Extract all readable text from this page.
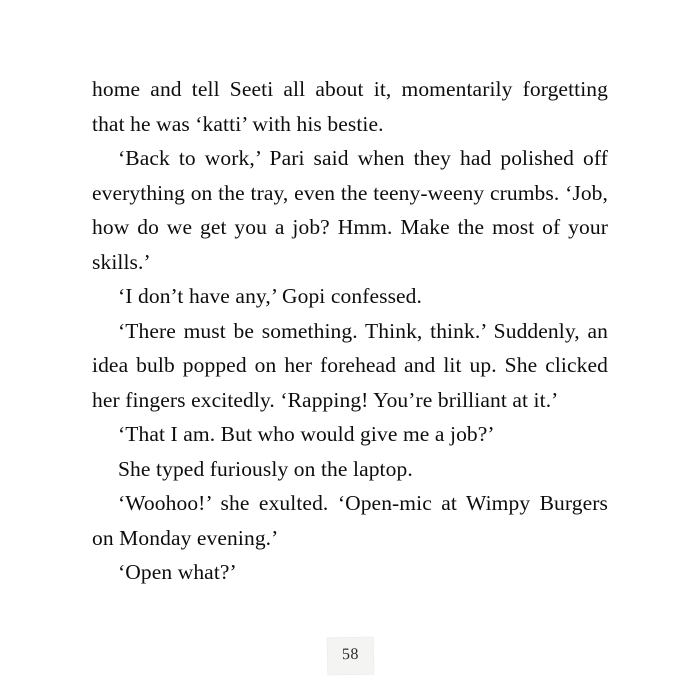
home and tell Seeti all about it, momentarily forgetting that he was ‘katti’ with his bestie.

‘Back to work,’ Pari said when they had polished off everything on the tray, even the teeny-weeny crumbs. ‘Job, how do we get you a job? Hmm. Make the most of your skills.’

‘I don’t have any,’ Gopi confessed.

‘There must be something. Think, think.’ Suddenly, an idea bulb popped on her forehead and lit up. She clicked her fingers excitedly. ‘Rapping! You’re brilliant at it.’

‘That I am. But who would give me a job?’

She typed furiously on the laptop.

‘Woohoo!’ she exulted. ‘Open-mic at Wimpy Burgers on Monday evening.’

‘Open what?’

58
